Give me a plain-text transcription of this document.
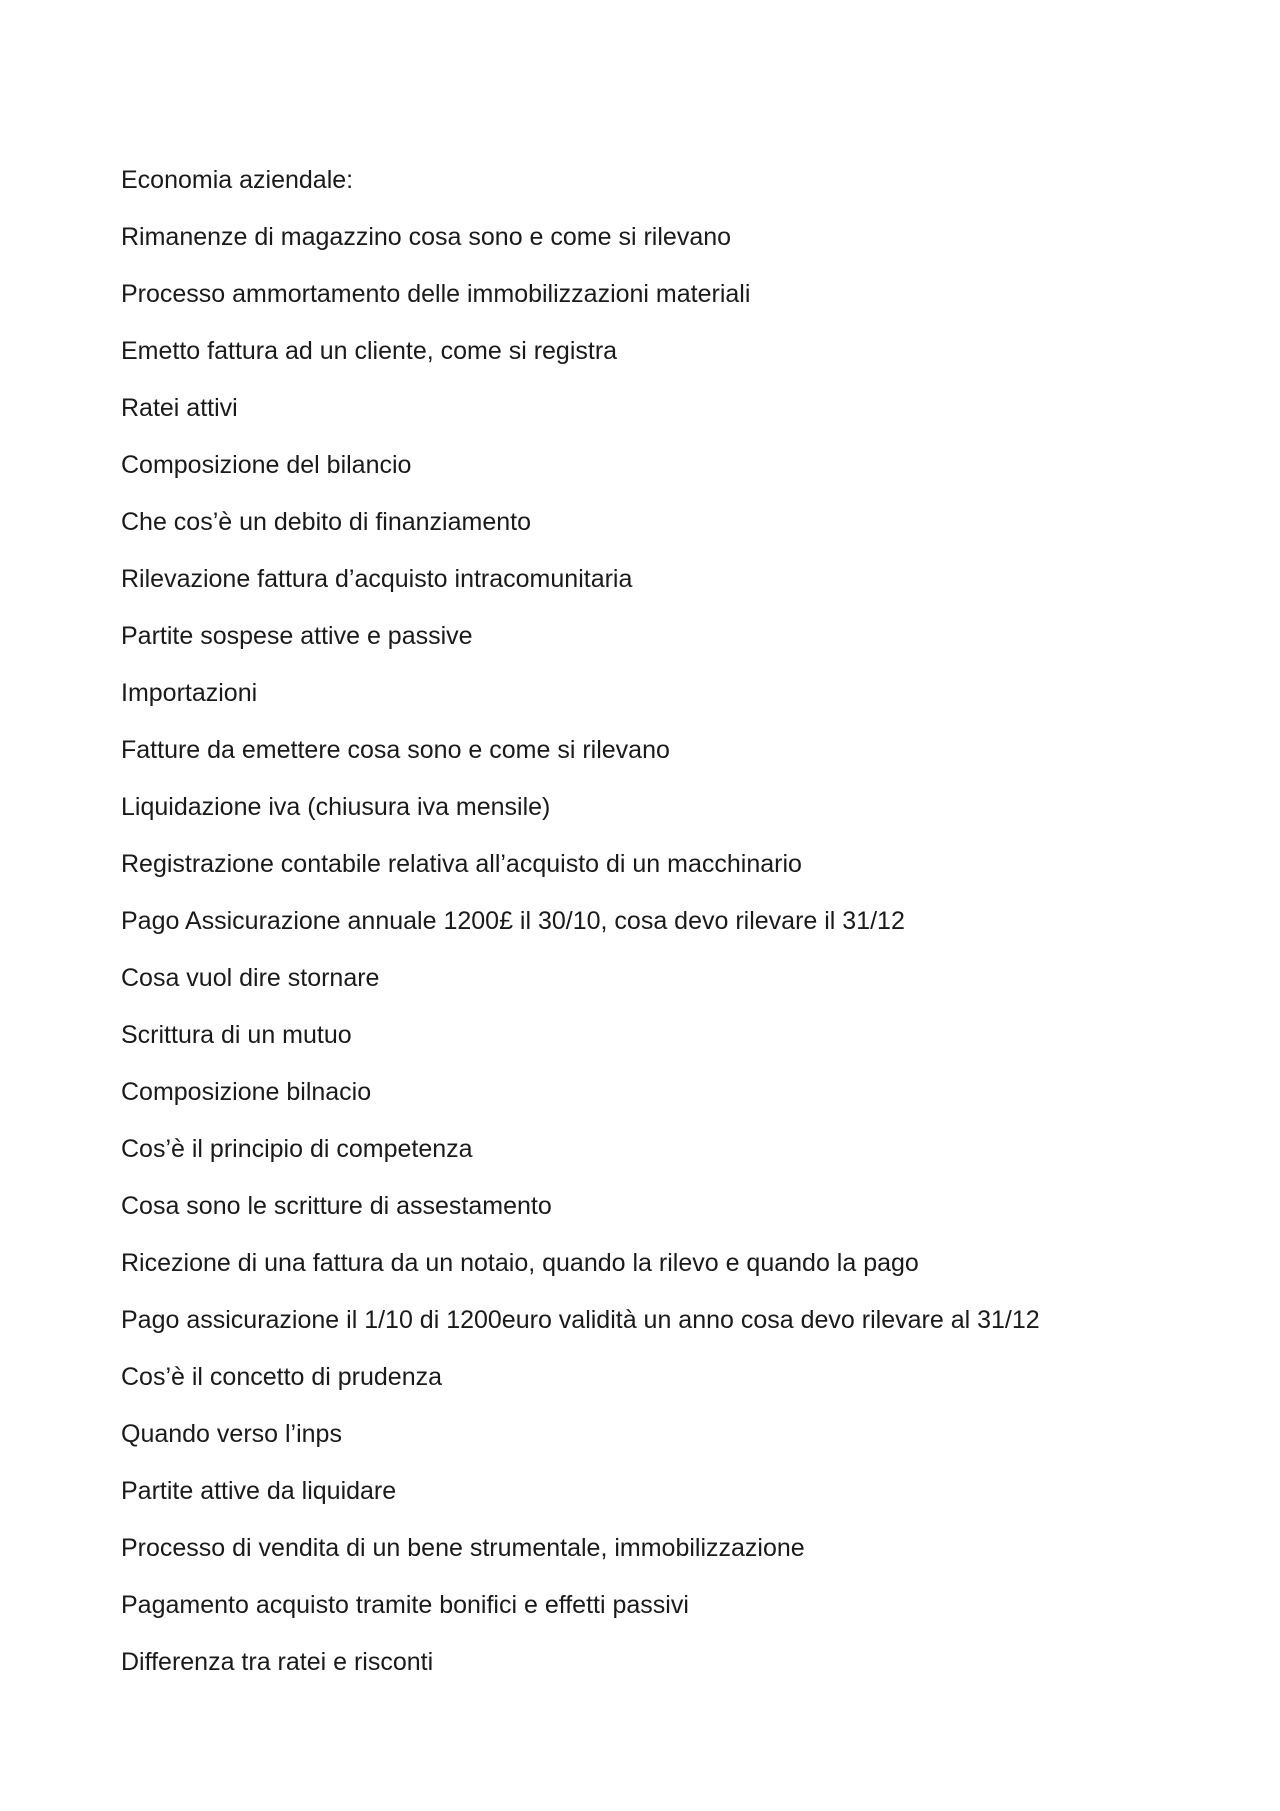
Economia aziendale:

Rimanenze di magazzino cosa sono e come si rilevano

Processo ammortamento delle immobilizzazioni materiali

Emetto fattura ad un cliente, come si registra

Ratei attivi

Composizione del bilancio

Che cos’è un debito di finanziamento

Rilevazione fattura d’acquisto intracomunitaria

Partite sospese attive e passive

Importazioni

Fatture da emettere cosa sono e come si rilevano

Liquidazione iva (chiusura iva mensile)

Registrazione contabile relativa all’acquisto di un macchinario

Pago Assicurazione annuale 1200£ il 30/10, cosa devo rilevare il 31/12

Cosa vuol dire stornare

Scrittura di un mutuo

Composizione bilnacio

Cos’è il principio di competenza

Cosa sono le scritture di assestamento

Ricezione di una fattura da un notaio, quando la rilevo e quando la pago

Pago assicurazione il 1/10 di 1200euro validità un anno cosa devo rilevare al 31/12

Cos’è il concetto di prudenza

Quando verso l’inps

Partite attive da liquidare

Processo di vendita di un bene strumentale, immobilizzazione

Pagamento acquisto tramite bonifici e effetti passivi

Differenza tra ratei e risconti
